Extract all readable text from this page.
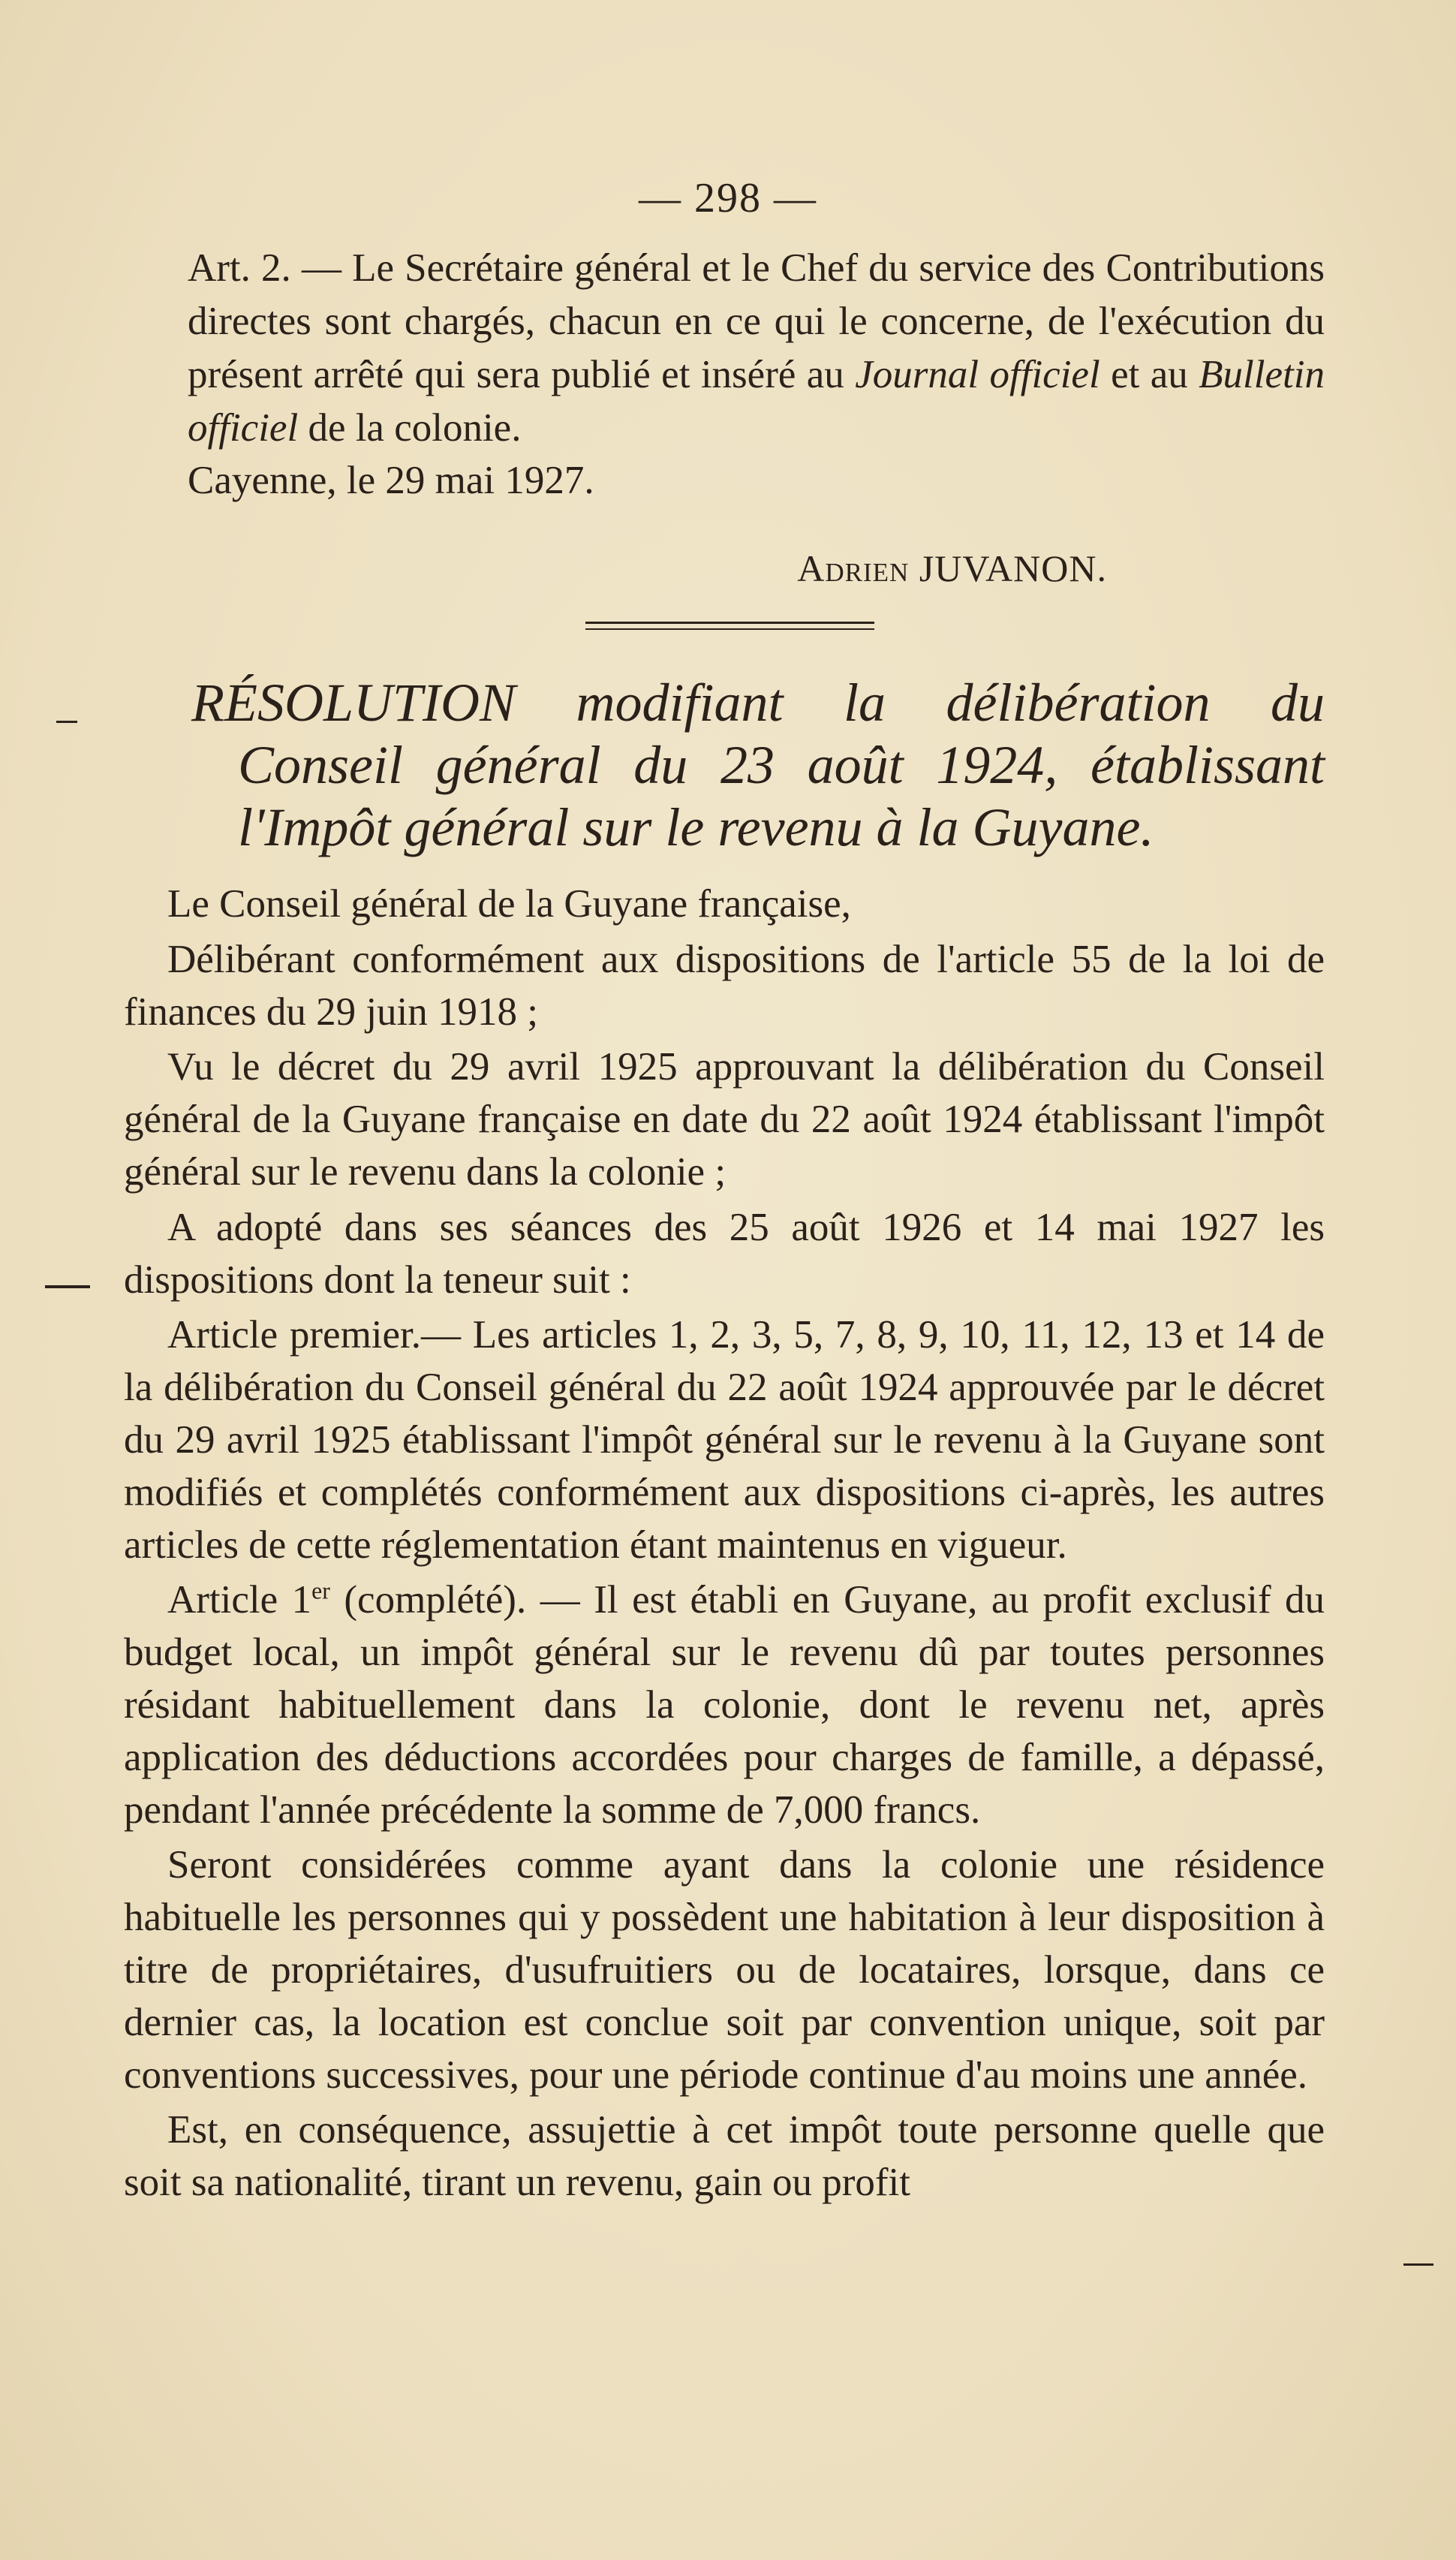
— 298 —
Art. 2. — Le Secrétaire général et le Chef du service des Contributions directes sont chargés, chacun en ce qui le concerne, de l'exécution du présent arrêté qui sera publié et inséré au Journal officiel et au Bulletin officiel de la colonie.
Cayenne, le 29 mai 1927.
Adrien JUVANON.
RÉSOLUTION modifiant la délibération du
Conseil général du 23 août 1924, établissant
l'Impôt général sur le revenu à la Guyane.

Le Conseil général de la Guyane française,

Délibérant conformément aux dispositions de l'article 55 de la loi de finances du 29 juin 1918 ;

Vu le décret du 29 avril 1925 approuvant la délibération du Conseil général de la Guyane française en date du 22 août 1924 établissant l'impôt général sur le revenu dans la colonie ;

A adopté dans ses séances des 25 août 1926 et 14 mai 1927 les dispositions dont la teneur suit :

Article premier.— Les articles 1, 2, 3, 5, 7, 8, 9, 10, 11, 12, 13 et 14 de la délibération du Conseil général du 22 août 1924 approuvée par le décret du 29 avril 1925 établissant l'impôt général sur le revenu à la Guyane sont modifiés et complétés conformément aux dispositions ci-après, les autres articles de cette réglementation étant maintenus en vigueur.

Article 1er (complété). — Il est établi en Guyane, au profit exclusif du budget local, un impôt général sur le revenu dû par toutes personnes résidant habituellement dans la colonie, dont le revenu net, après application des déductions accordées pour charges de famille, a dépassé, pendant l'année précédente la somme de 7,000 francs.

Seront considérées comme ayant dans la colonie une résidence habituelle les personnes qui y possèdent une habitation à leur disposition à titre de propriétaires, d'usufruitiers ou de locataires, lorsque, dans ce dernier cas, la location est conclue soit par convention unique, soit par conventions successives, pour une période continue d'au moins une année.

Est, en conséquence, assujettie à cet impôt toute personne quelle que soit sa nationalité, tirant un revenu, gain ou profit
